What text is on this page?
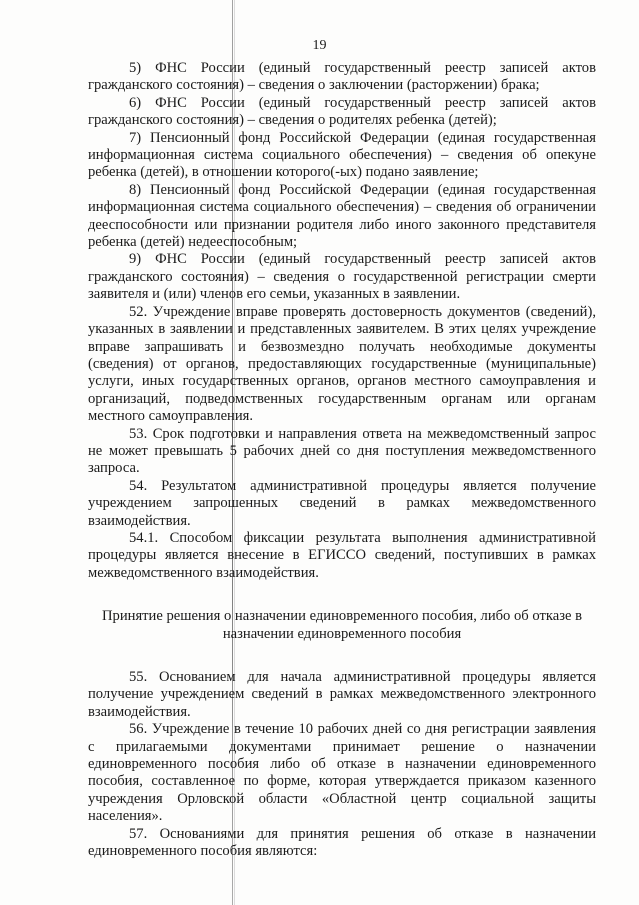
19

5) ФНС России (единый государственный реестр записей актов гражданского состояния) – сведения о заключении (расторжении) брака;

6) ФНС России (единый государственный реестр записей актов гражданского состояния) – сведения о родителях ребенка (детей);

7) Пенсионный фонд Российской Федерации (единая государственная информационная система социального обеспечения) – сведения об опекуне ребенка (детей), в отношении которого(-ых) подано заявление;

8) Пенсионный фонд Российской Федерации (единая государственная информационная система социального обеспечения) – сведения об ограничении дееспособности или признании родителя либо иного законного представителя ребенка (детей) недееспособным;

9) ФНС России (единый государственный реестр записей актов гражданского состояния) – сведения о государственной регистрации смерти заявителя и (или) членов его семьи, указанных в заявлении.

52. Учреждение вправе проверять достоверность документов (сведений), указанных в заявлении и представленных заявителем. В этих целях учреждение вправе запрашивать и безвозмездно получать необходимые документы (сведения) от органов, предоставляющих государственные (муниципальные) услуги, иных государственных органов, органов местного самоуправления и организаций, подведомственных государственным органам или органам местного самоуправления.

53. Срок подготовки и направления ответа на межведомственный запрос не может превышать 5 рабочих дней со дня поступления межведомственного запроса.

54. Результатом административной процедуры является получение учреждением запрошенных сведений в рамках межведомственного взаимодействия.

54.1. Способом фиксации результата выполнения административной процедуры является внесение в ЕГИССО сведений, поступивших в рамках межведомственного взаимодействия.

Принятие решения о назначении единовременного пособия, либо об отказе в назначении единовременного пособия

55. Основанием для начала административной процедуры является получение учреждением сведений в рамках межведомственного электронного взаимодействия.

56. Учреждение в течение 10 рабочих дней со дня регистрации заявления с прилагаемыми документами принимает решение о назначении единовременного пособия либо об отказе в назначении единовременного пособия, составленное по форме, которая утверждается приказом казенного учреждения Орловской области «Областной центр социальной защиты населения».

57. Основаниями для принятия решения об отказе в назначении единовременного пособия являются:
